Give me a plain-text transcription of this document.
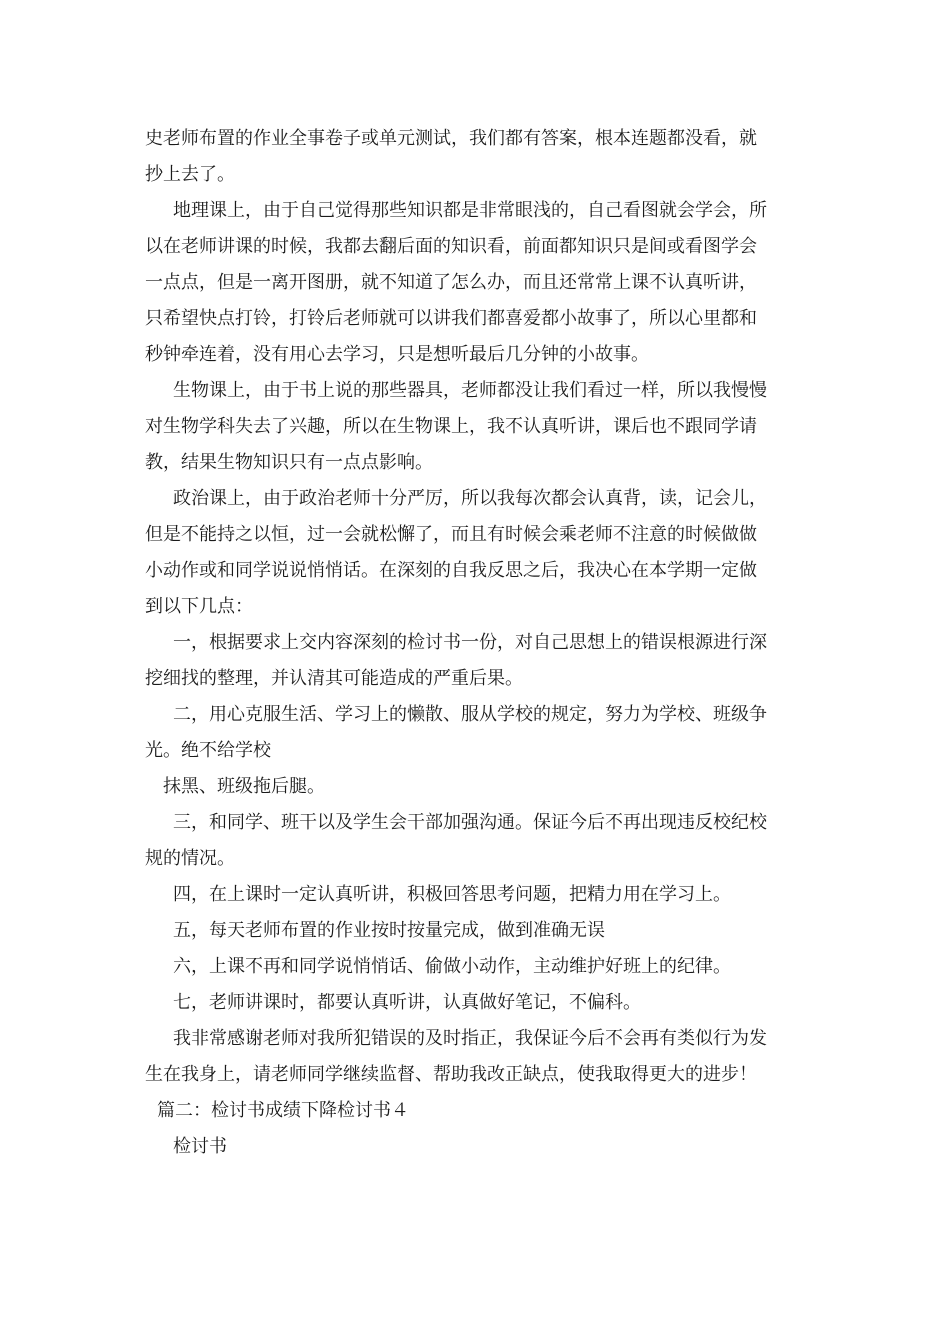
史老师布置的作业全事卷子或单元测试，我们都有答案，根本连题都没看，就
抄上去了。
地理课上，由于自己觉得那些知识都是非常眼浅的，自己看图就会学会，所
以在老师讲课的时候，我都去翻后面的知识看，前面都知识只是间或看图学会
一点点，但是一离开图册，就不知道了怎么办，而且还常常上课不认真听讲，
只希望快点打铃，打铃后老师就可以讲我们都喜爱都小故事了，所以心里都和
秒钟牵连着，没有用心去学习，只是想听最后几分钟的小故事。
生物课上，由于书上说的那些器具，老师都没让我们看过一样，所以我慢慢
对生物学科失去了兴趣，所以在生物课上，我不认真听讲，课后也不跟同学请
教，结果生物知识只有一点点影响。
政治课上，由于政治老师十分严厉，所以我每次都会认真背，读，记会儿，
但是不能持之以恒，过一会就松懈了，而且有时候会乘老师不注意的时候做做
小动作或和同学说说悄悄话。在深刻的自我反思之后，我决心在本学期一定做
到以下几点：
一，根据要求上交内容深刻的检讨书一份，对自己思想上的错误根源进行深
挖细找的整理，并认清其可能造成的严重后果。
二，用心克服生活、学习上的懒散、服从学校的规定，努力为学校、班级争
光。绝不给学校
抹黑、班级拖后腿。
三，和同学、班干以及学生会干部加强沟通。保证今后不再出现违反校纪校
规的情况。
四，在上课时一定认真听讲，积极回答思考问题，把精力用在学习上。
五，每天老师布置的作业按时按量完成，做到准确无误
六，上课不再和同学说悄悄话、偷做小动作，主动维护好班上的纪律。
七，老师讲课时，都要认真听讲，认真做好笔记，不偏科。
我非常感谢老师对我所犯错误的及时指正，我保证今后不会再有类似行为发
生在我身上，请老师同学继续监督、帮助我改正缺点，使我取得更大的进步！
篇二：检讨书成绩下降检讨书４
检讨书
